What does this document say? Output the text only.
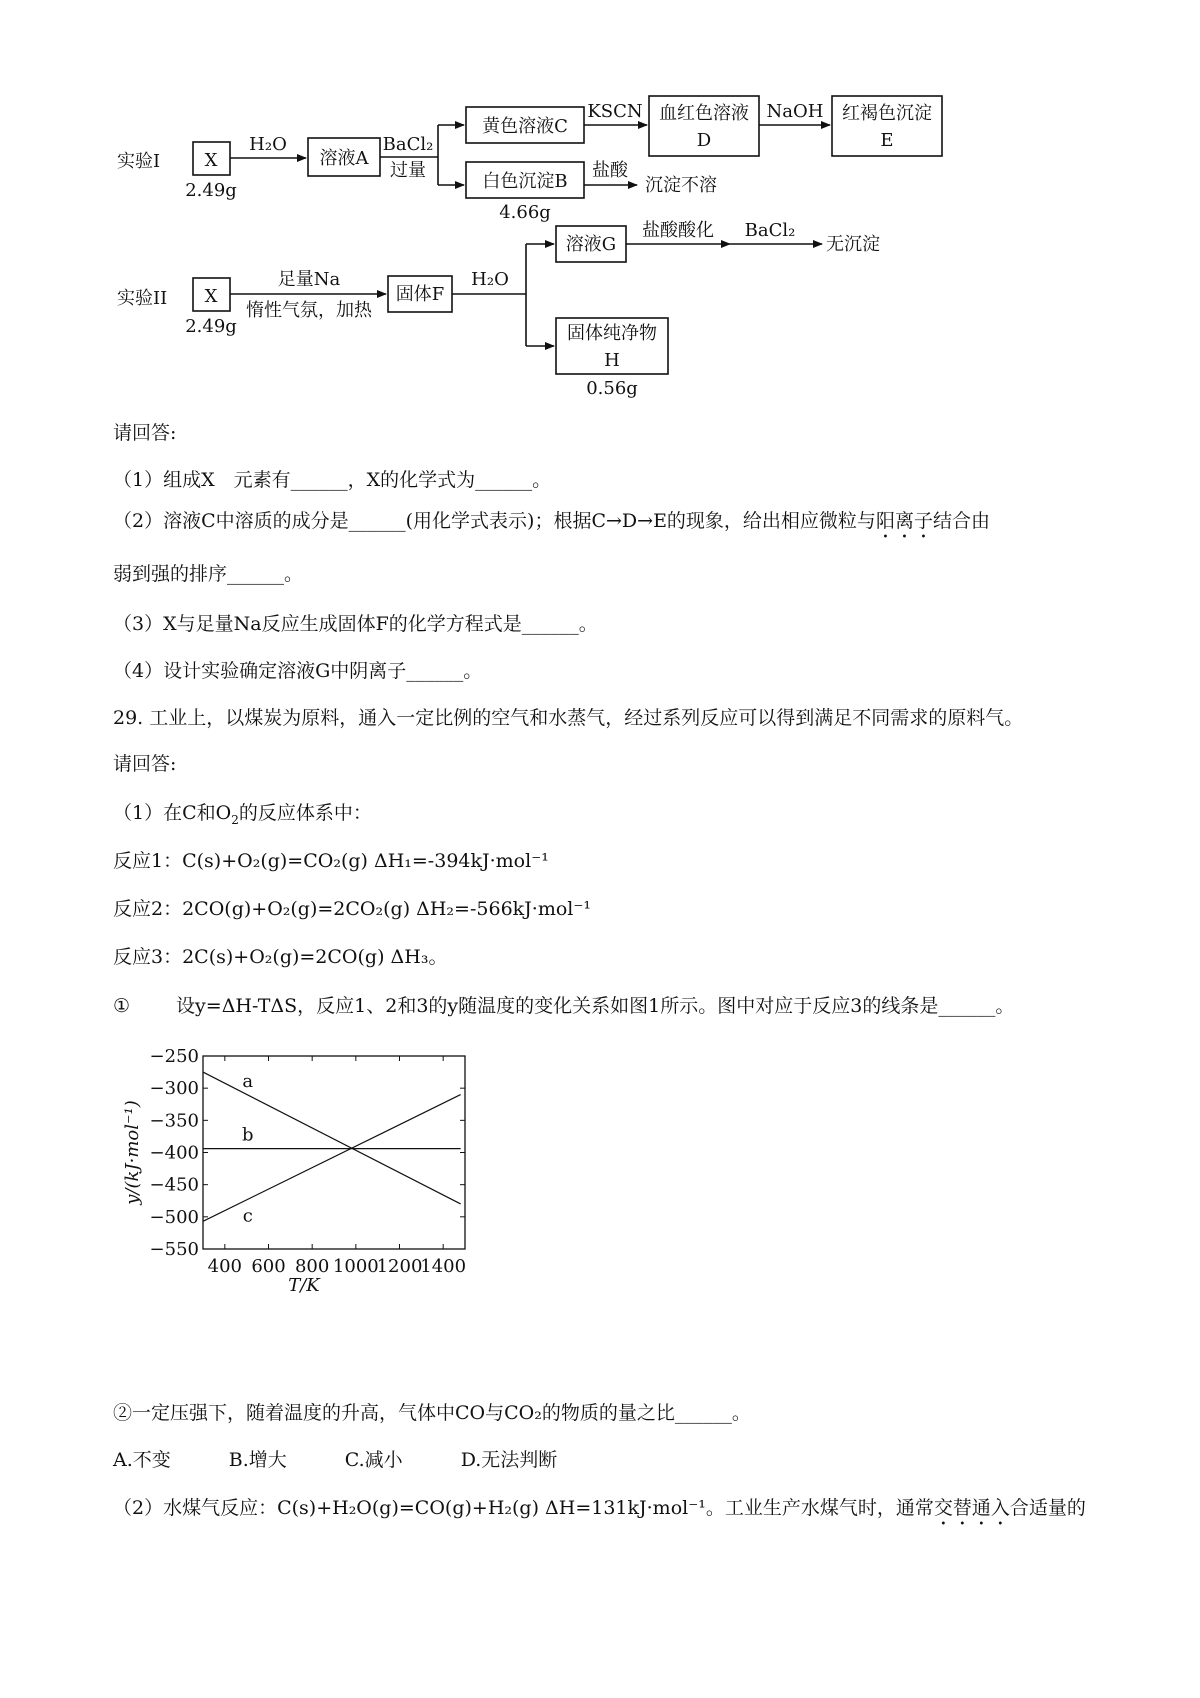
实验I X
2.49g
H₂O
溶液A
BaCl₂
过量
黄色溶液C
KSCN 血红色溶液
D
NaOH 红褐色沉淀
E
白色沉淀B
4.66g
盐酸
沉淀不溶
实验II X
2.49g
足量Na
惰性气氛，加热
固体F
H₂O
溶液G
盐酸酸化 BaCl₂
无沉淀
固体纯净物
H
0.56g
请回答:
（1）组成X　元素有______，X的化学式为______。
（2）溶液C中溶质的成分是______(用化学式表示)；根据C→D→E的现象，给出相应微粒与阳离子结合由
弱到强的排序______。
（3）X与足量Na反应生成固体F的化学方程式是______。
（4）设计实验确定溶液G中阴离子______。
29. 工业上，以煤炭为原料，通入一定比例的空气和水蒸气，经过系列反应可以得到满足不同需求的原料气。
请回答:
（1）在C和$O_2$的反应体系中：
反应1：C(s)+O₂(g)=CO₂(g) ΔH₁=-394kJ·mol⁻¹
反应2：2CO(g)+O₂(g)=2CO₂(g) ΔH₂=-566kJ·mol⁻¹
反应3：2C(s)+O₂(g)=2CO(g) ΔH₃。
① 设y=ΔH-TΔS，反应1、2和3的y随温度的变化关系如图1所示。图中对应于反应3的线条是______。
−250
−300
−350
−400
−450
−500
−550
400 600 800 1000
1200
1400
a
b
c
T/K
y/(kJ·mol⁻¹)
②一定压强下，随着温度的升高，气体中CO与CO₂的物质的量之比______。
A.不变	B.增大	C.减小	D.无法判断
（2）水煤气反应：C(s)+H₂O(g)=CO(g)+H₂(g) ΔH=131kJ·mol⁻¹。工业生产水煤气时，通常交替通入合适量的
